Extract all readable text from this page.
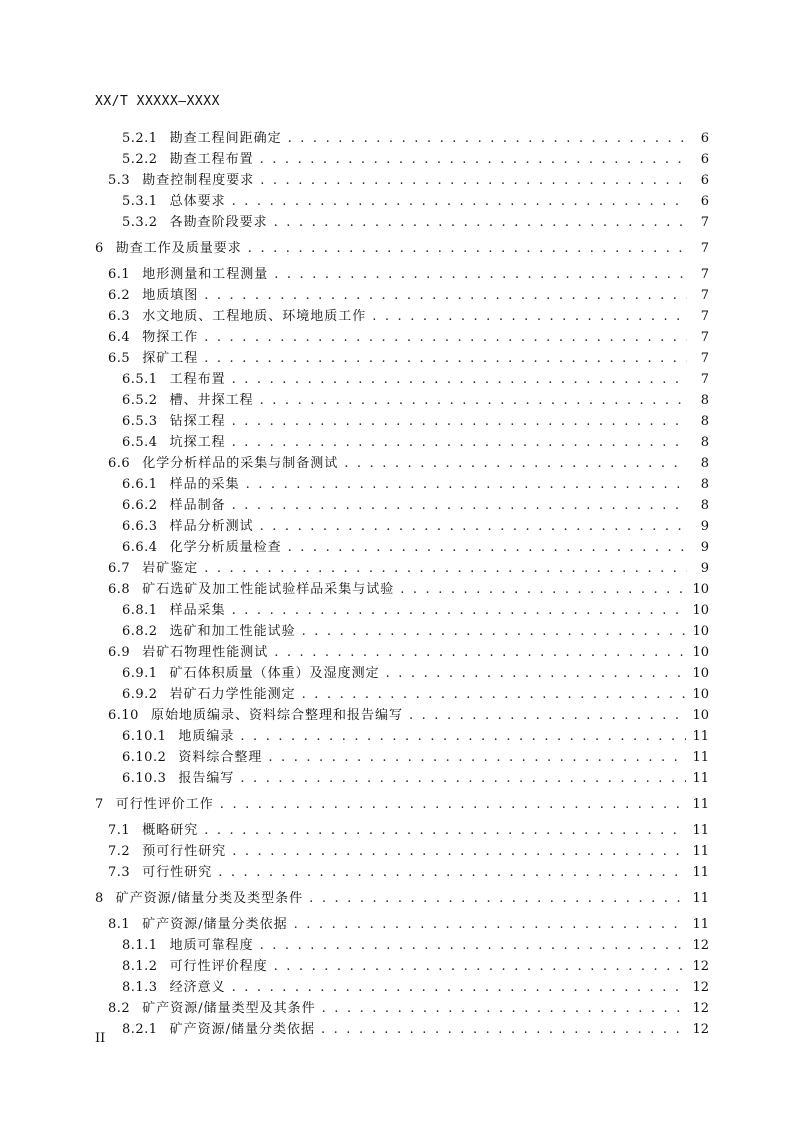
XX/T XXXXX—XXXX
5.2.1 勘查工程间距确定 . . .	6
5.2.2 勘查工程布置 . . .	6
5.3 勘查控制程度要求 . . .	6
5.3.1 总体要求 . . .	6
5.3.2 各勘查阶段要求 . . .	7
6 勘查工作及质量要求 . . .	7
6.1 地形测量和工程测量 . . .	7
6.2 地质填图 . . .	7
6.3 水文地质、工程地质、环境地质工作 . . .	7
6.4 物探工作 . . .	7
6.5 探矿工程 . . .	7
6.5.1 工程布置 . . .	7
6.5.2 槽、井探工程 . . .	8
6.5.3 钻探工程 . . .	8
6.5.4 坑探工程 . . .	8
6.6 化学分析样品的采集与制备测试 . . .	8
6.6.1 样品的采集 . . .	8
6.6.2 样品制备 . . .	8
6.6.3 样品分析测试 . . .	9
6.6.4 化学分析质量检查 . . .	9
6.7 岩矿鉴定 . . .	9
6.8 矿石选矿及加工性能试验样品采集与试验 . . .	10
6.8.1 样品采集 . . .	10
6.8.2 选矿和加工性能试验 . . .	10
6.9 岩矿石物理性能测试 . . .	10
6.9.1 矿石体积质量（体重）及湿度测定 . . .	10
6.9.2 岩矿石力学性能测定 . . .	10
6.10 原始地质编录、资料综合整理和报告编写 . . .	10
6.10.1 地质编录 . . .	11
6.10.2 资料综合整理 . . .	11
6.10.3 报告编写 . . .	11
7 可行性评价工作 . . .	11
7.1 概略研究 . . .	11
7.2 预可行性研究 . . .	11
7.3 可行性研究 . . .	11
8 矿产资源/储量分类及类型条件 . . .	11
8.1 矿产资源/储量分类依据 . . .	11
8.1.1 地质可靠程度 . . .	12
8.1.2 可行性评价程度 . . .	12
8.1.3 经济意义 . . .	12
8.2 矿产资源/储量类型及其条件 . . .	12
8.2.1 矿产资源/储量分类依据 . . .	12
II
